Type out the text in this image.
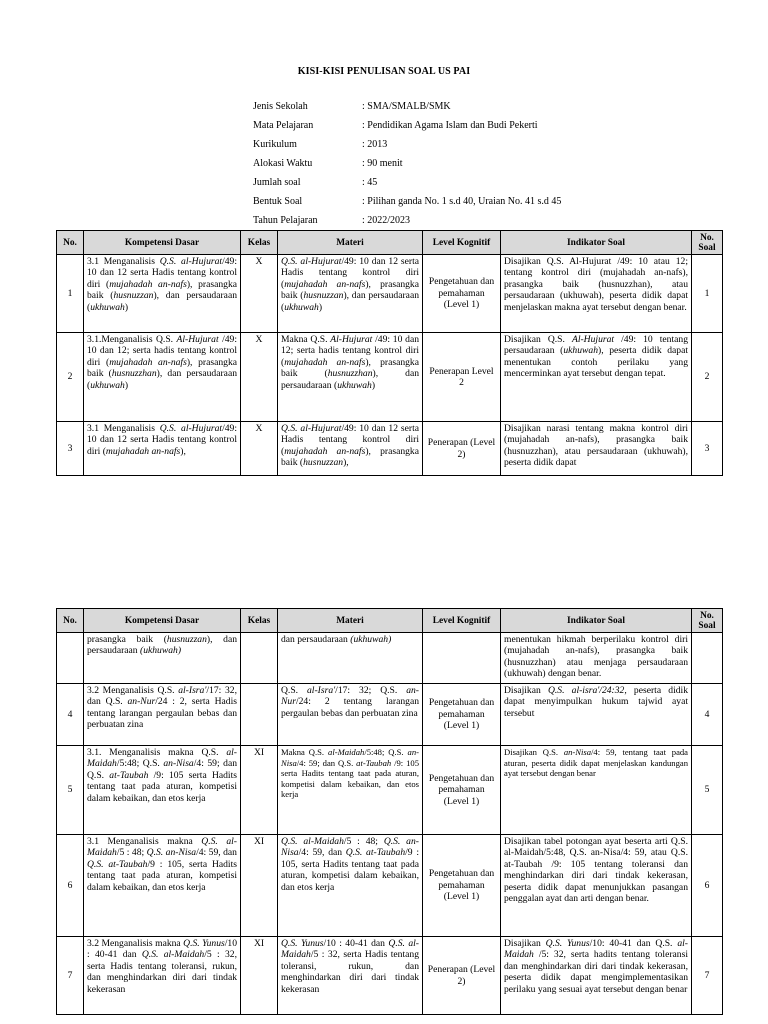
KISI-KISI PENULISAN SOAL US PAI
Jenis Sekolah	: SMA/SMALB/SMK
Mata Pelajaran	: Pendidikan Agama Islam dan Budi Pekerti
Kurikulum	: 2013
Alokasi Waktu	: 90 menit
Jumlah soal	: 45
Bentuk Soal	: Pilihan ganda No. 1 s.d 40, Uraian No. 41 s.d 45
Tahun Pelajaran	: 2022/2023
No.	Kompetensi Dasar	Kelas	Materi	Level Kognitif	Indikator Soal	No. Soal
1	3.1 Menganalisis Q.S. al-Hujurat/49: 10 dan 12 serta Hadis tentang kontrol diri (mujahadah an-nafs), prasangka baik (husnuzzan), dan persaudaraan (ukhuwah)	X	Q.S. al-Hujurat/49: 10 dan 12 serta Hadis tentang kontrol diri (mujahadah an-nafs), prasangka baik (husnuzzan), dan persaudaraan (ukhuwah)	Pengetahuan dan pemahaman (Level 1)	Disajikan Q.S. Al-Hujurat /49: 10 atau 12; tentang kontrol diri (mujahadah an-nafs), prasangka baik (husnuzzhan), atau persaudaraan (ukhuwah), peserta didik dapat menjelaskan makna ayat tersebut dengan benar.	1
2	3.1.Menganalisis Q.S. Al-Hujurat /49: 10 dan 12; serta hadis tentang kontrol diri (mujahadah an-nafs), prasangka baik (husnuzzhan), dan persaudaraan (ukhuwah)	X	Makna Q.S. Al-Hujurat /49: 10 dan 12; serta hadis tentang kontrol diri (mujahadah an-nafs), prasangka baik (husnuzzhan), dan persaudaraan (ukhuwah)	Penerapan Level 2	Disajikan Q.S. Al-Hujurat /49: 10 tentang persaudaraan (ukhuwah), peserta didik dapat menentukan contoh perilaku yang mencerminkan ayat tersebut dengan tepat.	2
3	3.1 Menganalisis Q.S. al-Hujurat/49: 10 dan 12 serta Hadis tentang kontrol diri (mujahadah an-nafs),	X	Q.S. al-Hujurat/49: 10 dan 12 serta Hadis tentang kontrol diri (mujahadah an-nafs), prasangka baik (husnuzzan),	Penerapan (Level 2)	Disajikan narasi tentang makna kontrol diri (mujahadah an-nafs), prasangka baik (husnuzzhan), atau persaudaraan (ukhuwah), peserta didik dapat	3
No.	Kompetensi Dasar	Kelas	Materi	Level Kognitif	Indikator Soal	No. Soal
	prasangka baik (husnuzzan), dan persaudaraan (ukhuwah)		dan persaudaraan (ukhuwah)		menentukan hikmah berperilaku kontrol diri (mujahadah an-nafs), prasangka baik (husnuzzhan) atau menjaga persaudaraan (ukhuwah) dengan benar.	
4	3.2 Menganalisis Q.S. al-Isra'/17: 32, dan Q.S. an-Nur/24 : 2, serta Hadis tentang larangan pergaulan bebas dan perbuatan zina		Q.S. al-Isra'/17: 32; Q.S. an-Nur/24: 2 tentang larangan pergaulan bebas dan perbuatan zina	Pengetahuan dan pemahaman (Level 1)	Disajikan Q.S. al-isra'/24:32, peserta didik dapat menyimpulkan hukum tajwid ayat tersebut	4
5	3.1. Menganalisis makna Q.S. al-Maidah/5:48; Q.S. an-Nisa/4: 59; dan Q.S. at-Taubah /9: 105 serta Hadits tentang taat pada aturan, kompetisi dalam kebaikan, dan etos kerja	XI	Makna Q.S. al-Maidah/5:48; Q.S. an-Nisa/4: 59; dan Q.S. at-Taubah /9: 105 serta Hadits tentang taat pada aturan, kompetisi dalam kebaikan, dan etos kerja	Pengetahuan dan pemahaman (Level 1)	Disajikan Q.S. an-Nisa/4: 59, tentang taat pada aturan, peserta didik dapat menjelaskan kandungan ayat tersebut dengan benar	5
6	3.1 Menganalisis makna Q.S. al-Maidah/5 : 48; Q.S. an-Nisa/4: 59, dan Q.S. at-Taubah/9 : 105, serta Hadits tentang taat pada aturan, kompetisi dalam kebaikan, dan etos kerja	XI	Q.S. al-Maidah/5 : 48; Q.S. an-Nisa/4: 59, dan Q.S. at-Taubah/9 : 105, serta Hadits tentang taat pada aturan, kompetisi dalam kebaikan, dan etos kerja	Pengetahuan dan pemahaman (Level 1)	Disajikan tabel potongan ayat beserta arti Q.S. al-Maidah/5:48, Q.S. an-Nisa/4: 59, atau Q.S. at-Taubah /9: 105 tentang toleransi dan menghindarkan diri dari tindak kekerasan, peserta didik dapat menunjukkan pasangan penggalan ayat dan arti dengan benar.	6
7	3.2 Menganalisis makna Q.S. Yunus/10 : 40-41 dan Q.S. al-Maidah/5 : 32, serta Hadis tentang toleransi, rukun, dan menghindarkan diri dari tindak kekerasan	XI	Q.S. Yunus/10 : 40-41 dan Q.S. al-Maidah/5 : 32, serta Hadis tentang toleransi, rukun, dan menghindarkan diri dari tindak kekerasan	Penerapan (Level 2)	Disajikan Q.S. Yunus/10: 40-41 dan Q.S. al-Maidah /5: 32, serta hadits tentang toleransi dan menghindarkan diri dari tindak kekerasan, peserta didik dapat mengimplementasikan perilaku yang sesuai ayat tersebut dengan benar	7
